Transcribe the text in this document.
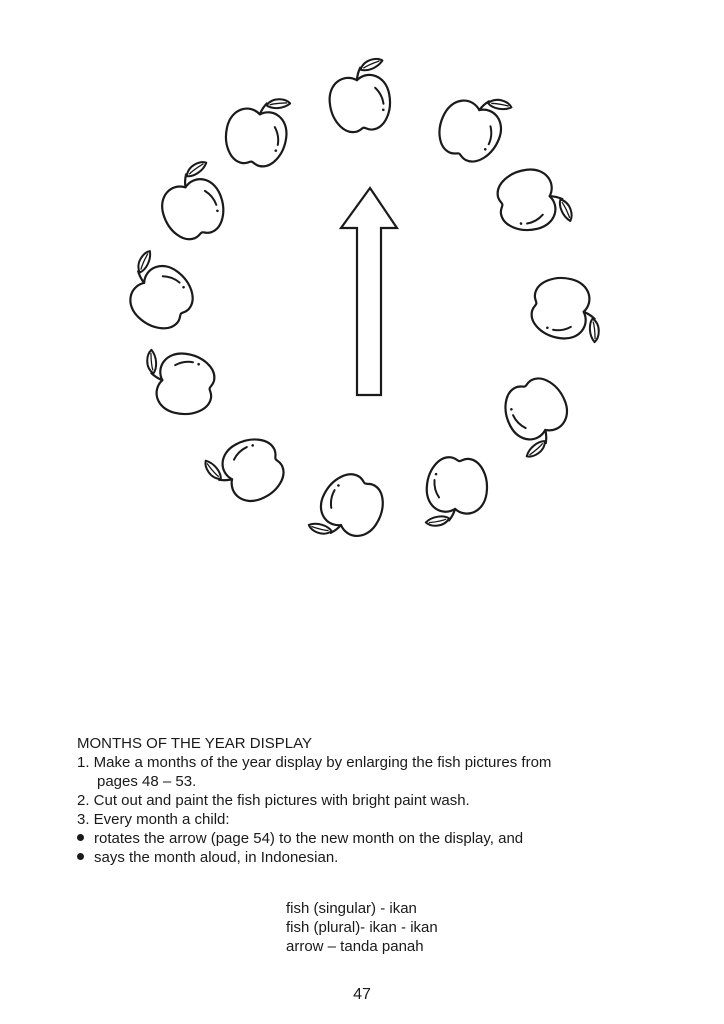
MONTHS OF THE YEAR DISPLAY
1. Make a months of the year display by enlarging the fish pictures from
pages 48 – 53.
2. Cut out and paint the fish pictures with bright paint wash.
3. Every month a child:
rotates the arrow (page 54) to the new month on the display, and
says the month aloud, in Indonesian.
fish (singular) - ikan
fish (plural)- ikan - ikan
arrow – tanda panah
47
